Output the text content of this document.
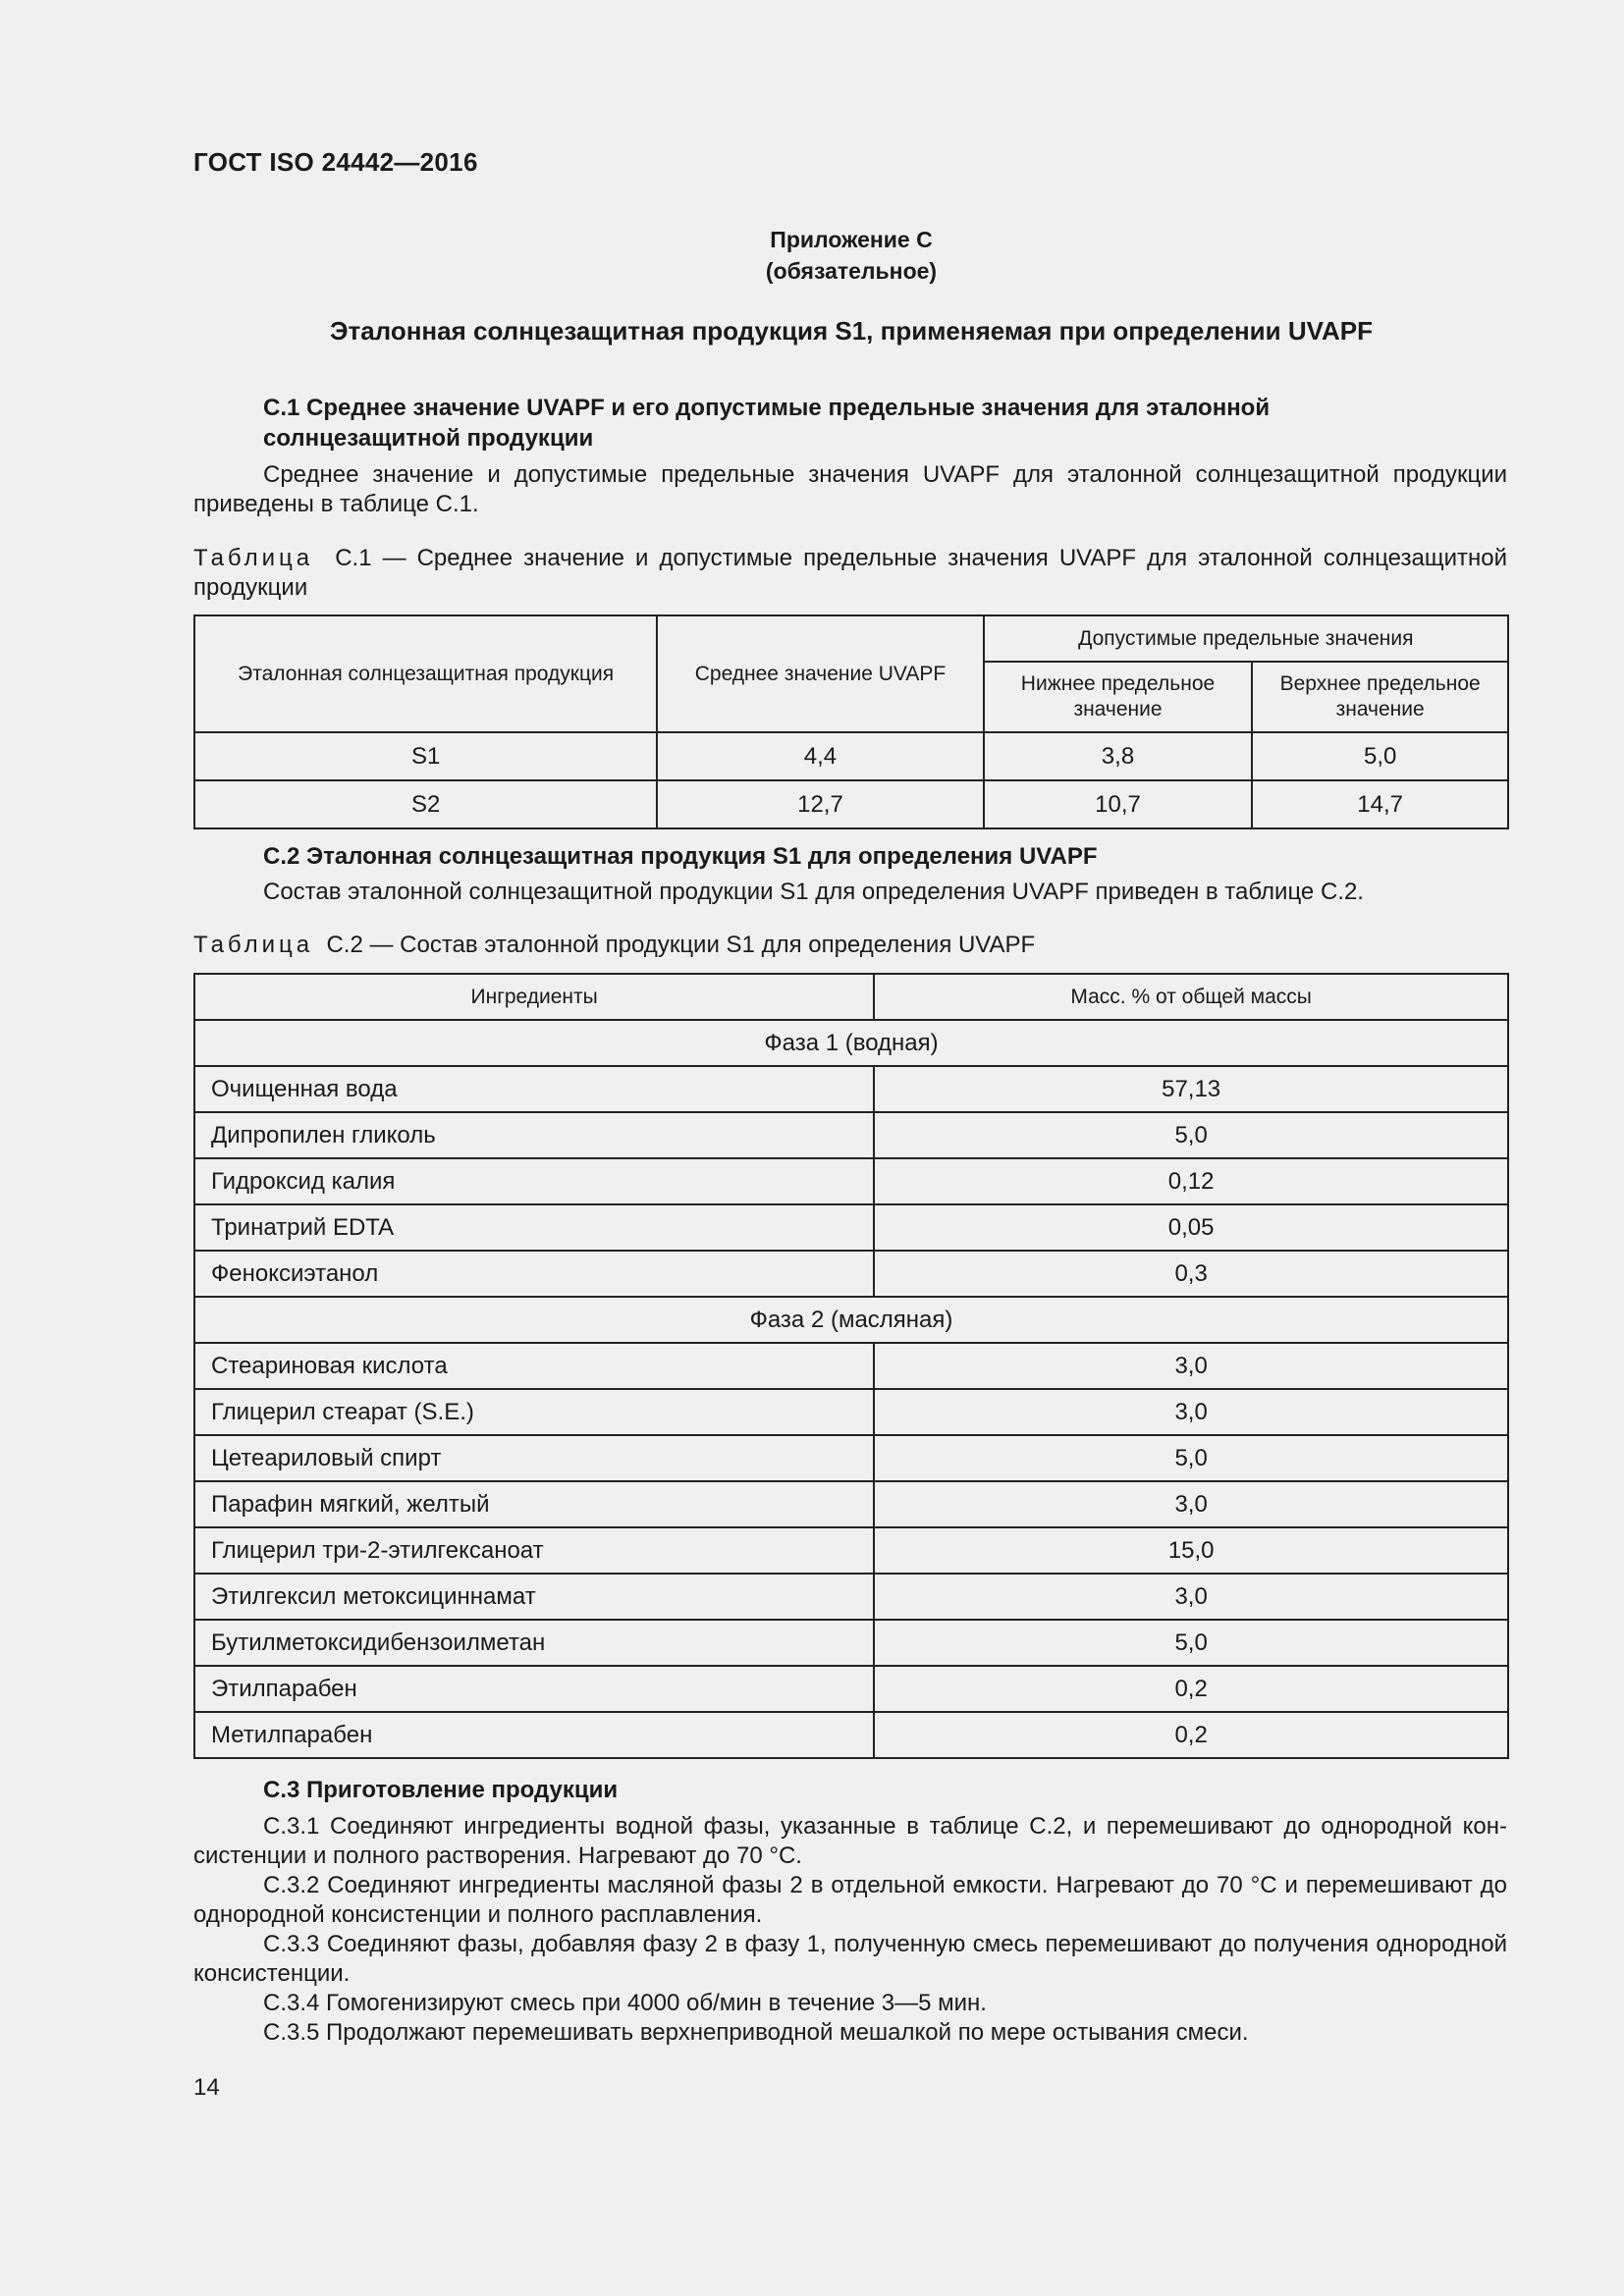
ГОСТ ISO 24442—2016
Приложение С
(обязательное)
Эталонная солнцезащитная продукция S1, применяемая при определении UVAPF
С.1 Среднее значение UVAPF и его допустимые предельные значения для эталонной
солнцезащитной продукции
Среднее значение и допустимые предельные значения UVAPF для эталонной солнцезащитной продукции приведены в таблице С.1.
Таблица С.1 — Среднее значение и допустимые предельные значения UVAPF для эталонной солнцезащитной продукции
Эталонная солнцезащитная продукция	Среднее значение UVAPF	Допустимые предельные значения	
		Нижнее предельное значение	Верхнее предельное значение
S1	4,4	3,8	5,0
S2	12,7	10,7	14,7
С.2 Эталонная солнцезащитная продукция S1 для определения UVAPF
Состав эталонной солнцезащитной продукции S1 для определения UVAPF приведен в таблице С.2.
Таблица С.2 — Состав эталонной продукции S1 для определения UVAPF
Ингредиенты	Масс. % от общей массы
Фаза 1 (водная)	
Очищенная вода	57,13
Дипропилен гликоль	5,0
Гидроксид калия	0,12
Тринатрий EDTA	0,05
Феноксиэтанол	0,3
Фаза 2 (масляная)	
Стеариновая кислота	3,0
Глицерил стеарат (S.E.)	3,0
Цетеариловый спирт	5,0
Парафин мягкий, желтый	3,0
Глицерил три-2-этилгексаноат	15,0
Этилгексил метоксициннамат	3,0
Бутилметоксидибензоилметан	5,0
Этилпарабен	0,2
Метилпарабен	0,2
С.3 Приготовление продукции
С.3.1 Соединяют ингредиенты водной фазы, указанные в таблице С.2, и перемешивают до однородной консистенции и полного растворения. Нагревают до 70 °С.
С.3.2 Соединяют ингредиенты масляной фазы 2 в отдельной емкости. Нагревают до 70 °С и перемешивают до однородной консистенции и полного расплавления.
С.3.3 Соединяют фазы, добавляя фазу 2 в фазу 1, полученную смесь перемешивают до получения однородной консистенции.
С.3.4 Гомогенизируют смесь при 4000 об/мин в течение 3—5 мин.
С.3.5 Продолжают перемешивать верхнеприводной мешалкой по мере остывания смеси.
14
